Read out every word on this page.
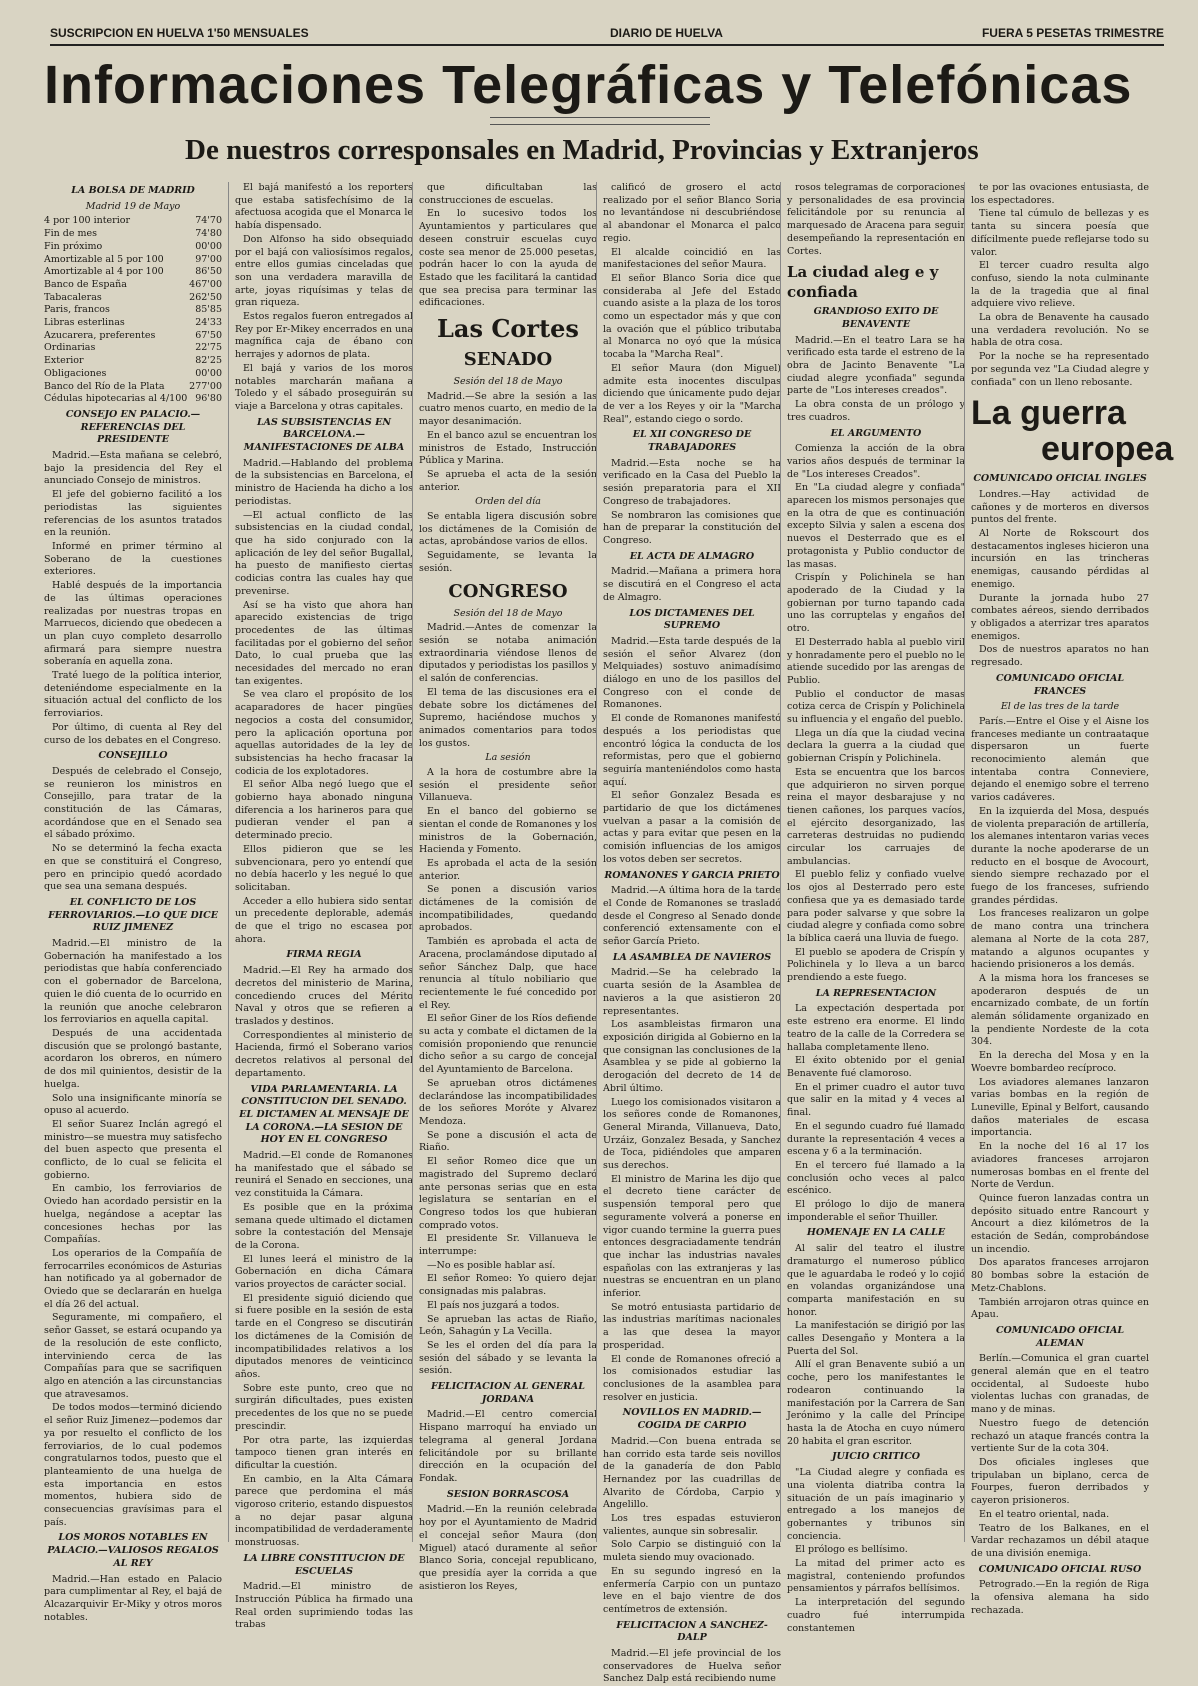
SUSCRIPCION EN HUELVA 1'50 MENSUALES	DIARIO DE HUELVA	FUERA 5 PESETAS TRIMESTRE
Informaciones Telegráficas y Telefónicas
De nuestros corresponsales en Madrid, Provincias y Extranjeros
LA BOLSA DE MADRID
Madrid 19 de Mayo
4 por 100 interior	74'70
Fin de mes	74'80
Fin próximo	00'00
Amortizable al 5 por 100	97'00
Amortizable al 4 por 100	86'50
Banco de España	467'00
Tabacaleras	262'50
Paris, francos	85'85
Libras esterlinas	24'33
Azucarera, preferentes	67'50
Ordinarias	22'75
Exterior	82'25
Obligaciones	00'00
Banco del Río de la Plata	277'00
Cédulas hipotecarias al 4/100 96'80
CONSEJO EN PALACIO.—REFERENCIAS DEL PRESIDENTE

Madrid.—Esta mañana se celebró, bajo la presidencia del Rey el anunciado Consejo de ministros.

El jefe del gobierno facilitó a los periodistas las siguientes referencias de los asuntos tratados en la reunión.

Informé en primer término al Soberano de la cuestiones exteriores.

Hablé después de la importancia de las últimas operaciones realizadas por nuestras tropas en Marruecos, diciendo que obedecen a un plan cuyo completo desarrollo afirmará para siempre nuestra soberanía en aquella zona.

Traté luego de la política interior, deteniéndome especialmente en la situación actual del conflicto de los ferroviarios.

Por último, di cuenta al Rey del curso de los debates en el Congreso.

CONSEJILLO

Después de celebrado el Consejo, se reunieron los ministros en Consejillo, para tratar de la constitución de las Cámaras, acordándose que en el Senado sea el sábado próximo.

No se determinó la fecha exacta en que se constituirá el Congreso, pero en principio quedó acordado que sea una semana después.

EL CONFLICTO DE LOS FERROVIARIOS.—LO QUE DICE RUIZ JIMENEZ

Madrid.—El ministro de la Gobernación ha manifestado a los periodistas que había conferenciado con el gobernador de Barcelona, quien le dió cuenta de lo ocurrido en la reunión que anoche celebraron los ferroviarios en aquella capital.

Después de una accidentada discusión que se prolongó bastante, acordaron los obreros, en número de dos mil quinientos, desistir de la huelga.

Solo una insignificante minoría se opuso al acuerdo.

El señor Suarez Inclán agregó el ministro—se muestra muy satisfecho del buen aspecto que presenta el conflicto, de lo cual se felicita el gobierno.

En cambio, los ferroviarios de Oviedo han acordado persistir en la huelga, negándose a aceptar las concesiones hechas por las Compañías.

Los operarios de la Compañía de ferrocarriles económicos de Asturias han notificado ya al gobernador de Oviedo que se declararán en huelga el día 26 del actual.

Seguramente, mi compañero, el señor Gasset, se estará ocupando ya de la resolución de este conflicto, interviniendo cerca de las Compañías para que se sacrifiquen algo en atención a las circunstancias que atravesamos.

De todos modos—terminó diciendo el señor Ruiz Jimenez—podemos dar ya por resuelto el conflicto de los ferroviarios, de lo cual podemos congratularnos todos, puesto que el planteamiento de una huelga de esta importancia en estos momentos, hubiera sido de consecuencias gravísimas para el país.

LOS MOROS NOTABLES EN PALACIO.—VALIOSOS REGALOS AL REY

Madrid.—Han estado en Palacio para cumplimentar al Rey, el bajá de Alcazarquivir Er-Miky y otros moros notables.

El bajá manifestó a los reporters que estaba satisfechísimo de la afectuosa acogida que el Monarca le había dispensado.

Don Alfonso ha sido obsequiado por el bajá con valiosísimos regalos, entre ellos gumias cinceladas que son una verdadera maravilla de arte, joyas riquísimas y telas de gran riqueza.

Estos regalos fueron entregados al Rey por Er-Mikey encerrados en una magnífica caja de ébano con herrajes y adornos de plata.

El bajá y varios de los moros notables marcharán mañana a Toledo y el sábado proseguirán su viaje a Barcelona y otras capitales.

LAS SUBSISTENCIAS EN BARCELONA.—MANIFESTACIONES DE ALBA

Madrid.—Hablando del problema de la subsistencias en Barcelona, el ministro de Hacienda ha dicho a los periodistas.

—El actual conflicto de las subsistencias en la ciudad condal, que ha sido conjurado con la aplicación de ley del señor Bugallal, ha puesto de manifiesto ciertas codicias contra las cuales hay que prevenirse.

Así se ha visto que ahora han aparecido existencias de trigo procedentes de las últimas facilitadas por el gobierno del señor Dato, lo cual prueba que las necesidades del mercado no eran tan exigentes.

Se vea claro el propósito de los acaparadores de hacer pingües negocios a costa del consumidor, pero la aplicación oportuna por aquellas autoridades de la ley de subsistencias ha hecho fracasar la codicia de los explotadores.

El señor Alba negó luego que el gobierno haya abonado ninguna diferencia a los harineros para que pudieran vender el pan a determinado precio.

Ellos pidieron que se les subvencionara, pero yo entendí que no debía hacerlo y les negué lo que solicitaban.

Acceder a ello hubiera sido sentar un precedente deplorable, además de que el trigo no escasea por ahora.

FIRMA REGIA

Madrid.—El Rey ha armado dos decretos del ministerio de Marina, concediendo cruces del Mérito Naval y otros que se refieren a traslados y destinos.

Correspondientes al ministerio de Hacienda, firmó el Soberano varios decretos relativos al personal del departamento.

VIDA PARLAMENTARIA. LA CONSTITUCION DEL SENADO. EL DICTAMEN AL MENSAJE DE LA CORONA.—LA SESION DE HOY EN EL CONGRESO

Madrid.—El conde de Romanones ha manifestado que el sábado se reunirá el Senado en secciones, una vez constituida la Cámara.

Es posible que en la próxima semana quede ultimado el dictamen sobre la contestación del Mensaje de la Corona.

El lunes leerá el ministro de la Gobernación en dicha Cámara varios proyectos de carácter social.

El presidente siguió diciendo que si fuere posible en la sesión de esta tarde en el Congreso se discutirán los dictámenes de la Comisión de incompatibilidades relativos a los diputados menores de veinticinco años.

Sobre este punto, creo que no surgirán dificultades, pues existen precedentes de los que no se puede prescindir.

Por otra parte, las izquierdas tampoco tienen gran interés en dificultar la cuestión.

En cambio, en la Alta Cámara parece que perdomina el más vigoroso criterio, estando dispuestos a no dejar pasar alguna incompatibilidad de verdaderamente monstruosas.

LA LIBRE CONSTITUCION DE ESCUELAS

Madrid.—El ministro de Instrucción Pública ha firmado una Real orden suprimiendo todas las trabas

que dificultaban las construcciones de escuelas.

En lo sucesivo todos los Ayuntamientos y particulares que deseen construir escuelas cuyo coste sea menor de 25.000 pesetas, podrán hacer lo con la ayuda de Estado que les facilitará la cantidad que sea precisa para terminar las edificaciones.

Las Cortes
SENADO
Sesión del 18 de Mayo

Madrid.—Se abre la sesión a las cuatro menos cuarto, en medio de la mayor desanimación.

En el banco azul se encuentran los ministros de Estado, Instrucción Pública y Marina.

Se aprueba el acta de la sesión anterior.

Orden del día

Se entabla ligera discusión sobre los dictámenes de la Comisión de actas, aprobándose varios de ellos.

Seguidamente, se levanta la sesión.

CONGRESO
Sesión del 18 de Mayo

Madrid.—Antes de comenzar la sesión se notaba animación extraordinaria viéndose llenos de diputados y periodistas los pasillos y el salón de conferencias.

El tema de las discusiones era el debate sobre los dictámenes del Supremo, haciéndose muchos y animados comentarios para todos los gustos.

La sesión

A la hora de costumbre abre la sesión el presidente señor Villanueva.

En el banco del gobierno se sientan el conde de Romanones y los ministros de la Gobernación, Hacienda y Fomento.

Es aprobada el acta de la sesión anterior.

Se ponen a discusión varios dictámenes de la comisión de incompatibilidades, quedando aprobados.

También es aprobada el acta de Aracena, proclamándose diputado al señor Sánchez Dalp, que hace renuncia al título nobiliario que recientemente le fué concedido por el Rey.

El señor Giner de los Ríos defiende su acta y combate el dictamen de la comisión proponiendo que renuncie dicho señor a su cargo de concejal del Ayuntamiento de Barcelona.

Se aprueban otros dictámenes declarándose las incompatibilidades de los señores Moróte y Alvarez Mendoza.

Se pone a discusión el acta de Riaño.

El señor Romeo dice que un magistrado del Supremo declaró ante personas serias que en esta legislatura se sentarían en el Congreso todos los que hubieran comprado votos.

El presidente Sr. Villanueva le interrumpe:

—No es posible hablar así.

El señor Romeo: Yo quiero dejar consignadas mis palabras.

El país nos juzgará a todos.

Se aprueban las actas de Riaño, León, Sahagún y La Vecilla.

Se les el orden del día para la sesión del sábado y se levanta la sesión.

FELICITACION AL GENERAL JORDANA

Madrid.—El centro comercial Hispano marroquí ha enviado un telegrama al general Jordana felicitándole por su brillante dirección en la ocupación del Fondak.

SESION BORRASCOSA

Madrid.—En la reunión celebrada hoy por el Ayuntamiento de Madrid el concejal señor Maura (don Miguel) atacó duramente al señor Blanco Soria, concejal republicano, que presidía ayer la corrida a que asistieron los Reyes,

calificó de grosero el acto realizado por el señor Blanco Soria no levantándose ni descubriéndose al abandonar el Monarca el palco regio.

El alcalde coincidió en las manifestaciones del señor Maura.

El señor Blanco Soria dice que consideraba al Jefe del Estado cuando asiste a la plaza de los toros como un espectador más y que con la ovación que el público tributaba al Monarca no oyó que la música tocaba la "Marcha Real".

El señor Maura (don Miguel) admite esta inocentes disculpas diciendo que únicamente pudo dejar de ver a los Reyes y oir la "Marcha Real", estando ciego o sordo.

EL XII CONGRESO DE TRABAJADORES

Madrid.—Esta noche se ha verificado en la Casa del Pueblo la sesión preparatoria para el XII Congreso de trabajadores.

Se nombraron las comisiones que han de preparar la constitución del Congreso.

EL ACTA DE ALMAGRO

Madrid.—Mañana a primera hora se discutirá en el Congreso el acta de Almagro.

LOS DICTAMENES DEL SUPREMO

Madrid.—Esta tarde después de la sesión el señor Alvarez (don Melquiades) sostuvo animadísimo diálogo en uno de los pasillos del Congreso con el conde de Romanones.

El conde de Romanones manifestó después a los periodistas que encontró lógica la conducta de los reformistas, pero que el gobierno seguiría manteniéndolos como hasta aquí.

El señor Gonzalez Besada es partidario de que los dictámenes vuelvan a pasar a la comisión de actas y para evitar que pesen en la comisión influencias de los amigos los votos deben ser secretos.

ROMANONES Y GARCIA PRIETO

Madrid.—A última hora de la tarde el Conde de Romanones se trasladó desde el Congreso al Senado donde conferenció extensamente con el señor García Prieto.

LA ASAMBLEA DE NAVIEROS

Madrid.—Se ha celebrado la cuarta sesión de la Asamblea de navieros a la que asistieron 20 representantes.

Los asambleistas firmaron una exposición dirigida al Gobierno en la que consignan las conclusiones de la Asamblea y se pide al gobierno la derogación del decreto de 14 de Abril último.

Luego los comisionados visitaron a los señores conde de Romanones, General Miranda, Villanueva, Dato, Urzáiz, Gonzalez Besada, y Sanchez de Toca, pidiéndoles que amparen sus derechos.

El ministro de Marina les dijo que el decreto tiene carácter de suspensión temporal pero que seguramente volverá a ponerse en vigor cuando termine la guerra pues entonces desgraciadamente tendrán que inchar las industrias navales españolas con las extranjeras y las nuestras se encuentran en un plano inferior.

Se motró entusiasta partidario de las industrias marítimas nacionales a las que desea la mayor prosperidad.

El conde de Romanones ofreció a los comisionados estudiar las conclusiones de la asamblea para resolver en justicia.

NOVILLOS EN MADRID.—COGIDA DE CARPIO

Madrid.—Con buena entrada se han corrido esta tarde seis novillos de la ganadería de don Pablo Hernandez por las cuadrillas de Alvarito de Córdoba, Carpio y Angelillo.

Los tres espadas estuvieron valientes, aunque sin sobresalir.

Solo Carpio se distinguió con la muleta siendo muy ovacionado.

En su segundo ingresó en la enfermería Carpio con un puntazo leve en el bajo vientre de dos centímetros de extensión.

FELICITACION A SANCHEZ-DALP

Madrid.—El jefe provincial de los conservadores de Huelva señor Sanchez Dalp está recibiendo nume

rosos telegramas de corporaciones y personalidades de esa provincia felicitándole por su renuncia al marquesado de Aracena para seguir desempeñando la representación en Cortes.

La ciudad aleg e y confiada
GRANDIOSO EXITO DE BENAVENTE

Madrid.—En el teatro Lara se ha verificado esta tarde el estreno de la obra de Jacinto Benavente "La ciudad alegre yconfiada" segunda parte de "Los intereses creados".

La obra consta de un prólogo y tres cuadros.

EL ARGUMENTO

Comienza la acción de la obra varios años después de terminar la de "Los intereses Creados".

En "La ciudad alegre y confiada" aparecen los mismos personajes que en la otra de que es continuación excepto Silvia y salen a escena dos nuevos el Desterrado que es el protagonista y Publio conductor de las masas.

Crispín y Polichinela se han apoderado de la Ciudad y la gobiernan por turno tapando cada uno las corruptelas y engaños del otro.

El Desterrado habla al pueblo viril y honradamente pero el pueblo no le atiende sucedido por las arengas de Publio.

Publio el conductor de masas cotiza cerca de Crispín y Polichinela su influencia y el engaño del pueblo.

Llega un día que la ciudad vecina declara la guerra a la ciudad que gobiernan Crispín y Polichinela.

Esta se encuentra que los barcos que adquirieron no sirven porque reina el mayor desbarajuse y no tienen cañones, los parques vacíos, el ejército desorganizado, las carreteras destruidas no pudiendo circular los carruajes de ambulancias.

El pueblo feliz y confiado vuelve los ojos al Desterrado pero este confiesa que ya es demasiado tarde para poder salvarse y que sobre la ciudad alegre y confiada como sobre la bíblica caerá una lluvia de fuego.

El pueblo se apodera de Crispín y Polichinela y lo lleva a un barco prendiendo a este fuego.

LA REPRESENTACION

La expectación despertada por este estreno era enorme. El lindo teatro de la calle de la Corredera se hallaba completamente lleno.

El éxito obtenido por el genial Benavente fué clamoroso.

En el primer cuadro el autor tuvo que salir en la mitad y 4 veces al final.

En el segundo cuadro fué llamado durante la representación 4 veces a escena y 6 a la terminación.

En el tercero fué llamado a la conclusión ocho veces al palco escénico.

El prólogo lo dijo de manera imponderable el señor Thuiller.

HOMENAJE EN LA CALLE

Al salir del teatro el ilustre dramaturgo el numeroso público que le aguardaba le rodeó y lo cojió en volandas organizándose una comparta manifestación en su honor.

La manifestación se dirigió por las calles Desengaño y Montera a la Puerta del Sol.

Allí el gran Benavente subió a un coche, pero los manifestantes le rodearon continuando la manifestación por la Carrera de San Jerónimo y la calle del Príncipe hasta la de Atocha en cuyo número 20 habita el gran escritor.

JUICIO CRITICO

"La Ciudad alegre y confiada es una violenta diatriba contra la situación de un país imaginario y entregado a los manejos de gobernantes y tribunos sin conciencia.

El prólogo es bellísimo.

La mitad del primer acto es magistral, conteniendo profundos pensamientos y párrafos bellísimos.

La interpretación del segundo cuadro fué interrumpida constantemen

te por las ovaciones entusiasta, de los espectadores.

Tiene tal cúmulo de bellezas y es tanta su sincera poesía que difícilmente puede reflejarse todo su valor.

El tercer cuadro resulta algo confuso, siendo la nota culminante la de la tragedia que al final adquiere vivo relieve.

La obra de Benavente ha causado una verdadera revolución. No se habla de otra cosa.

Por la noche se ha representado por segunda vez "La Ciudad alegre y confiada" con un lleno rebosante.

La guerra
europea
COMUNICADO OFICIAL INGLES

Londres.—Hay actividad de cañones y de morteros en diversos puntos del frente.

Al Norte de Rokscourt dos destacamentos ingleses hicieron una incursión en las trincheras enemigas, causando pérdidas al enemigo.

Durante la jornada hubo 27 combates aéreos, siendo derribados y obligados a aterrizar tres aparatos enemigos.

Dos de nuestros aparatos no han regresado.

COMUNICADO OFICIAL FRANCES
El de las tres de la tarde

París.—Entre el Oise y el Aisne los franceses mediante un contraataque dispersaron un fuerte reconocimiento alemán que intentaba contra Conneviere, dejando el enemigo sobre el terreno varios cadáveres.

En la izquierda del Mosa, después de violenta preparación de artillería, los alemanes intentaron varias veces durante la noche apoderarse de un reducto en el bosque de Avocourt, siendo siempre rechazado por el fuego de los franceses, sufriendo grandes pérdidas.

Los franceses realizaron un golpe de mano contra una trinchera alemana al Norte de la cota 287, matando a algunos ocupantes y haciendo prisioneros a los demás.

A la misma hora los franceses se apoderaron después de un encarnizado combate, de un fortín alemán sólidamente organizado en la pendiente Nordeste de la cota 304.

En la derecha del Mosa y en la Woevre bombardeo recíproco.

Los aviadores alemanes lanzaron varias bombas en la región de Luneville, Epinal y Belfort, causando daños materiales de escasa importancia.

En la noche del 16 al 17 los aviadores franceses arrojaron numerosas bombas en el frente del Norte de Verdun.

Quince fueron lanzadas contra un depósito situado entre Rancourt y Ancourt a diez kilómetros de la estación de Sedán, comprobándose un incendio.

Dos aparatos franceses arrojaron 80 bombas sobre la estación de Metz-Chablons.

También arrojaron otras quince en Apau.

COMUNICADO OFICIAL ALEMAN

Berlín.—Comunica el gran cuartel general alemán que en el teatro occidental, al Sudoeste hubo violentas luchas con granadas, de mano y de minas.

Nuestro fuego de detención rechazó un ataque francés contra la vertiente Sur de la cota 304.

Dos oficiales ingleses que tripulaban un biplano, cerca de Fourpes, fueron derribados y cayeron prisioneros.

En el teatro oriental, nada.

Teatro de los Balkanes, en el Vardar rechazamos un débil ataque de una división enemiga.

COMUNICADO OFICIAL RUSO

Petrogrado.—En la región de Riga la ofensiva alemana ha sido rechazada.
